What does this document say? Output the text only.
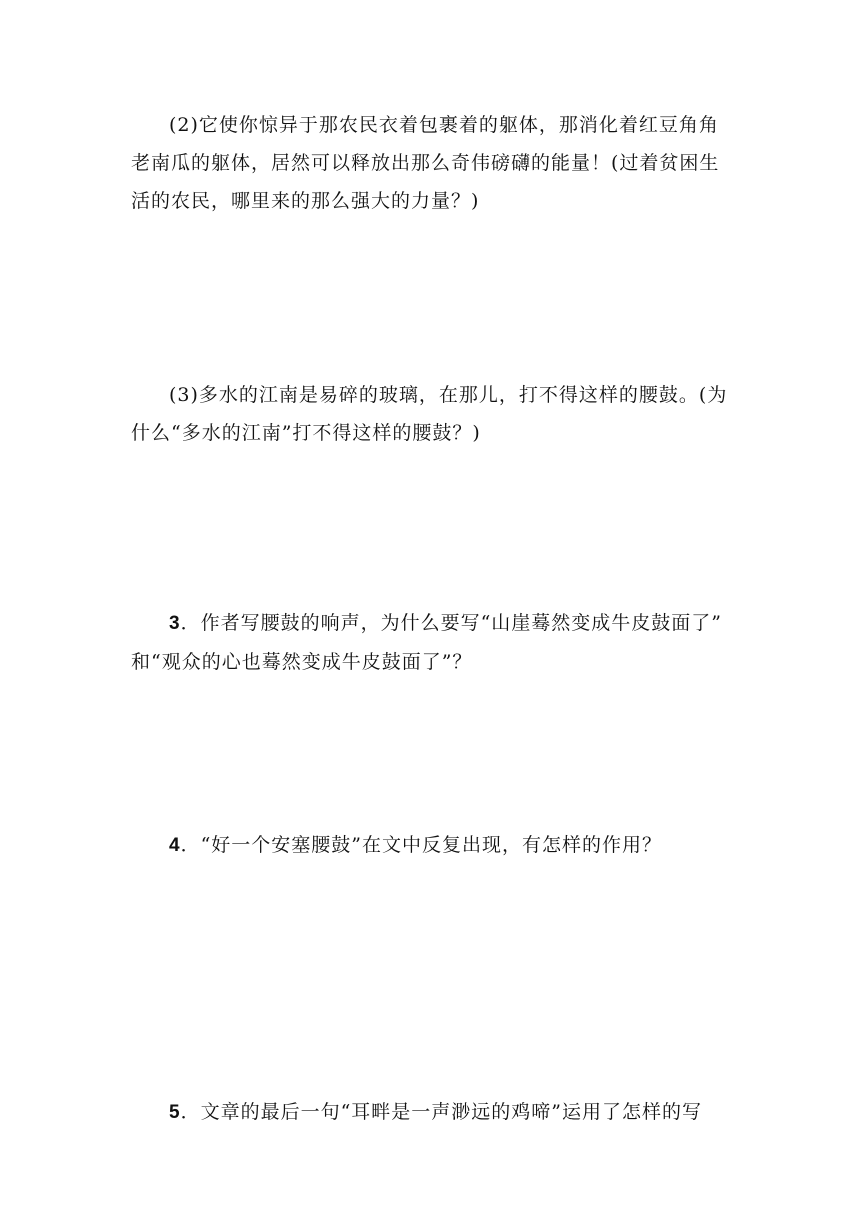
(2)它使你惊异于那农民衣着包裹着的躯体，那消化着红豆角角
老南瓜的躯体，居然可以释放出那么奇伟磅礴的能量！(过着贫困生
活的农民，哪里来的那么强大的力量？)

(3)多水的江南是易碎的玻璃，在那儿，打不得这样的腰鼓。(为
什么“多水的江南”打不得这样的腰鼓？)

3．作者写腰鼓的响声，为什么要写“山崖蓦然变成牛皮鼓面了”
和“观众的心也蓦然变成牛皮鼓面了”？

4．“好一个安塞腰鼓”在文中反复出现，有怎样的作用？

5．文章的最后一句“耳畔是一声渺远的鸡啼”运用了怎样的写
